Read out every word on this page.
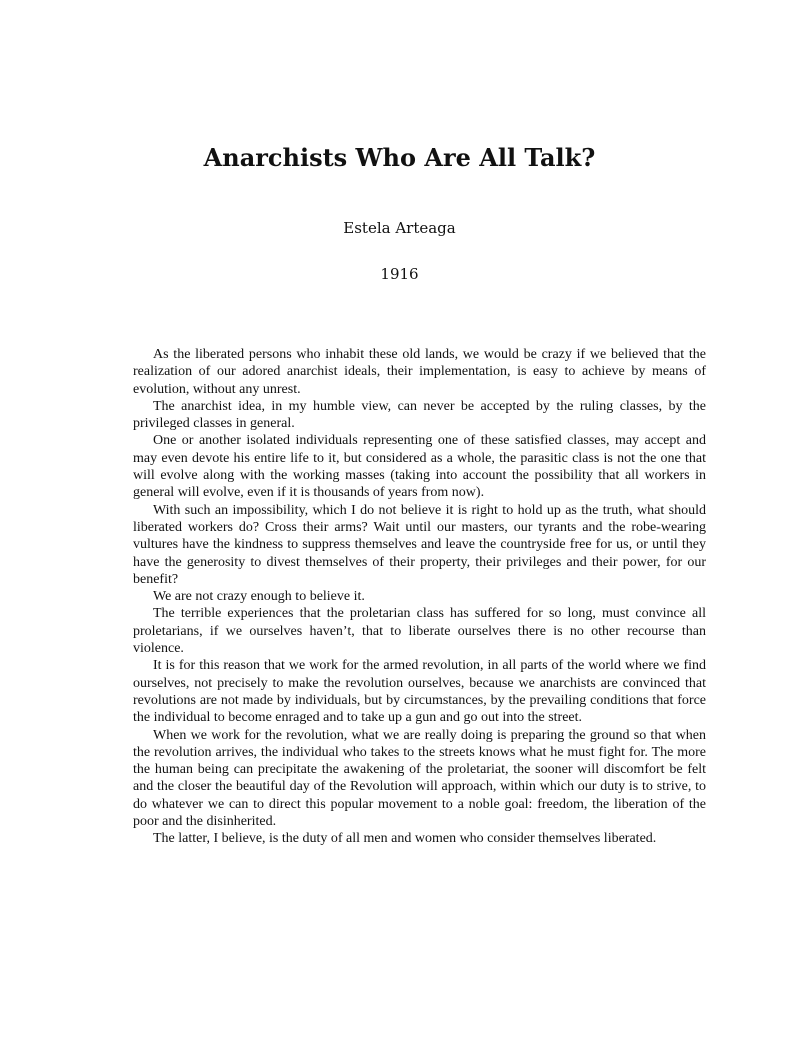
Anarchists Who Are All Talk?
Estela Arteaga
1916

As the liberated persons who inhabit these old lands, we would be crazy if we believed that the realization of our adored anarchist ideals, their implementation, is easy to achieve by means of evolution, without any unrest.

The anarchist idea, in my humble view, can never be accepted by the ruling classes, by the privileged classes in general.

One or another isolated individuals representing one of these satisfied classes, may accept and may even devote his entire life to it, but considered as a whole, the parasitic class is not the one that will evolve along with the working masses (taking into account the possibility that all workers in general will evolve, even if it is thousands of years from now).

With such an impossibility, which I do not believe it is right to hold up as the truth, what should liberated workers do? Cross their arms? Wait until our masters, our tyrants and the robe-wearing vultures have the kindness to suppress themselves and leave the countryside free for us, or until they have the generosity to divest themselves of their property, their privileges and their power, for our benefit?

We are not crazy enough to believe it.

The terrible experiences that the proletarian class has suffered for so long, must convince all proletarians, if we ourselves haven’t, that to liberate ourselves there is no other recourse than violence.

It is for this reason that we work for the armed revolution, in all parts of the world where we find ourselves, not precisely to make the revolution ourselves, because we anarchists are convinced that revolutions are not made by individuals, but by circumstances, by the prevailing conditions that force the individual to become enraged and to take up a gun and go out into the street.

When we work for the revolution, what we are really doing is preparing the ground so that when the revolution arrives, the individual who takes to the streets knows what he must fight for. The more the human being can precipitate the awakening of the proletariat, the sooner will discomfort be felt and the closer the beautiful day of the Revolution will approach, within which our duty is to strive, to do whatever we can to direct this popular movement to a noble goal: freedom, the liberation of the poor and the disinherited.

The latter, I believe, is the duty of all men and women who consider themselves liberated.
